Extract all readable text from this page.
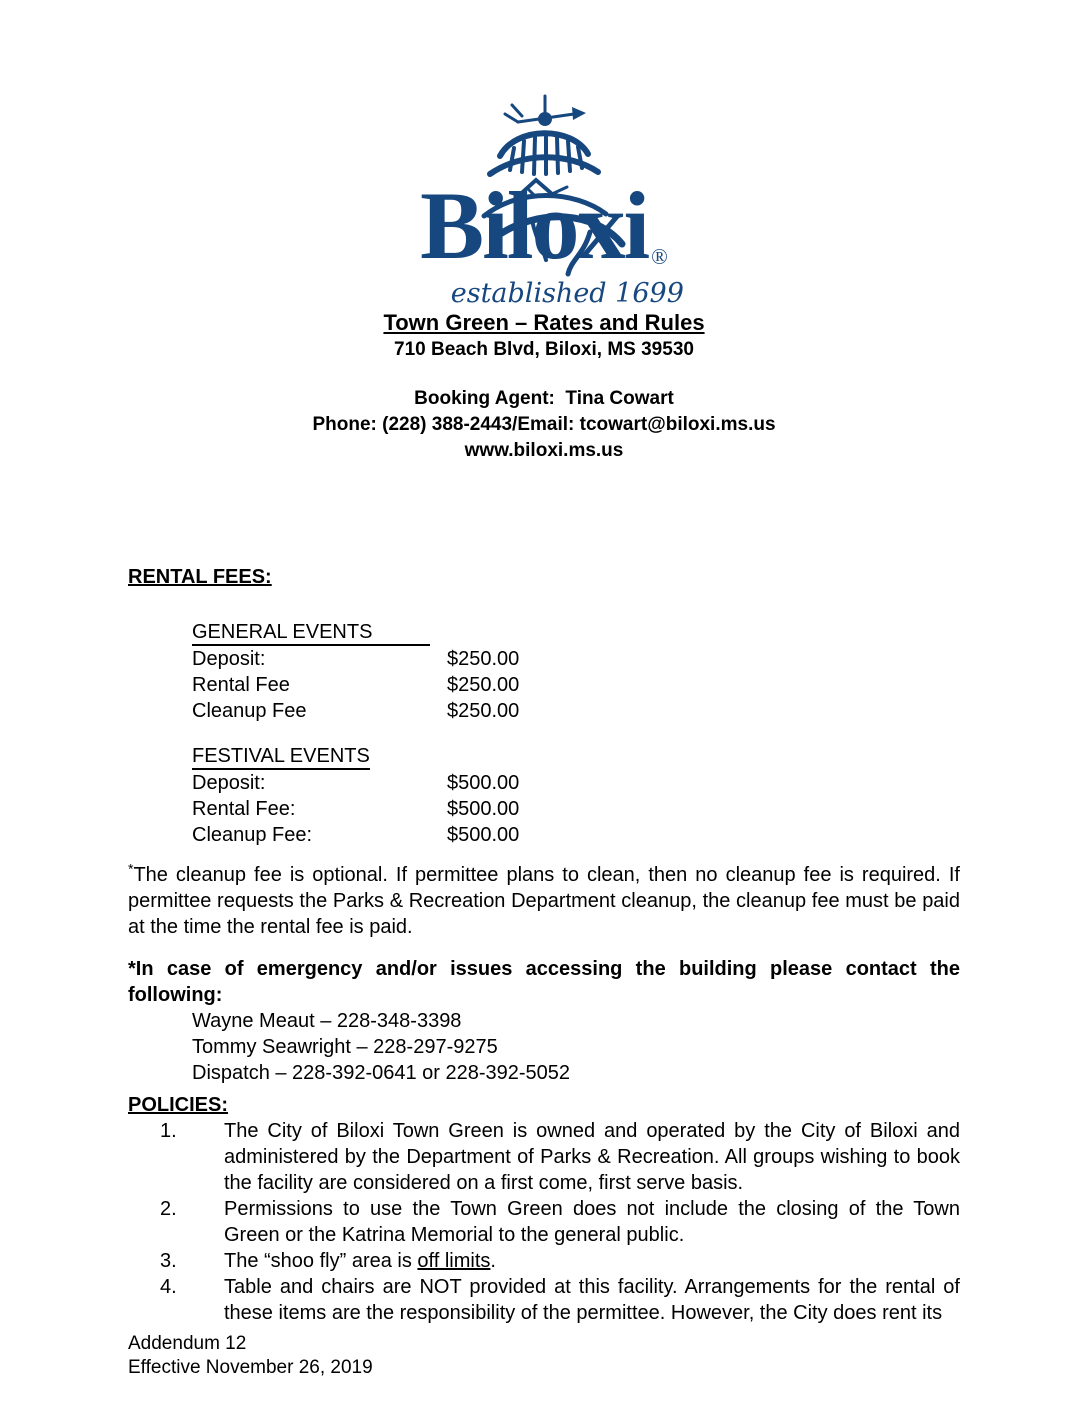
Biloxi ®
established 1699
Town Green – Rates and Rules
710 Beach Blvd, Biloxi, MS 39530
Booking Agent:  Tina Cowart
Phone: (228) 388-2443/Email: tcowart@biloxi.ms.us
www.biloxi.ms.us
RENTAL FEES:
GENERAL EVENTS
Deposit:	$250.00
Rental Fee	$250.00
Cleanup Fee	$250.00
FESTIVAL EVENTS
Deposit:	$500.00
Rental Fee:	$500.00
Cleanup Fee:	$500.00
*The cleanup fee is optional. If permittee plans to clean, then no cleanup fee is required. If permittee requests the Parks & Recreation Department cleanup, the cleanup fee must be paid at the time the rental fee is paid.
*In case of emergency and/or issues accessing the building please contact the following:
Wayne Meaut – 228-348-3398
Tommy Seawright – 228-297-9275
Dispatch – 228-392-0641 or 228-392-5052
POLICIES:
1.	The City of Biloxi Town Green is owned and operated by the City of Biloxi and administered by the Department of Parks & Recreation. All groups wishing to book the facility are considered on a first come, first serve basis.
2.	Permissions to use the Town Green does not include the closing of the Town Green or the Katrina Memorial to the general public.
3.	The “shoo fly” area is off limits.
4.	Table and chairs are NOT provided at this facility. Arrangements for the rental of these items are the responsibility of the permittee. However, the City does rent its
Addendum 12
Effective November 26, 2019
